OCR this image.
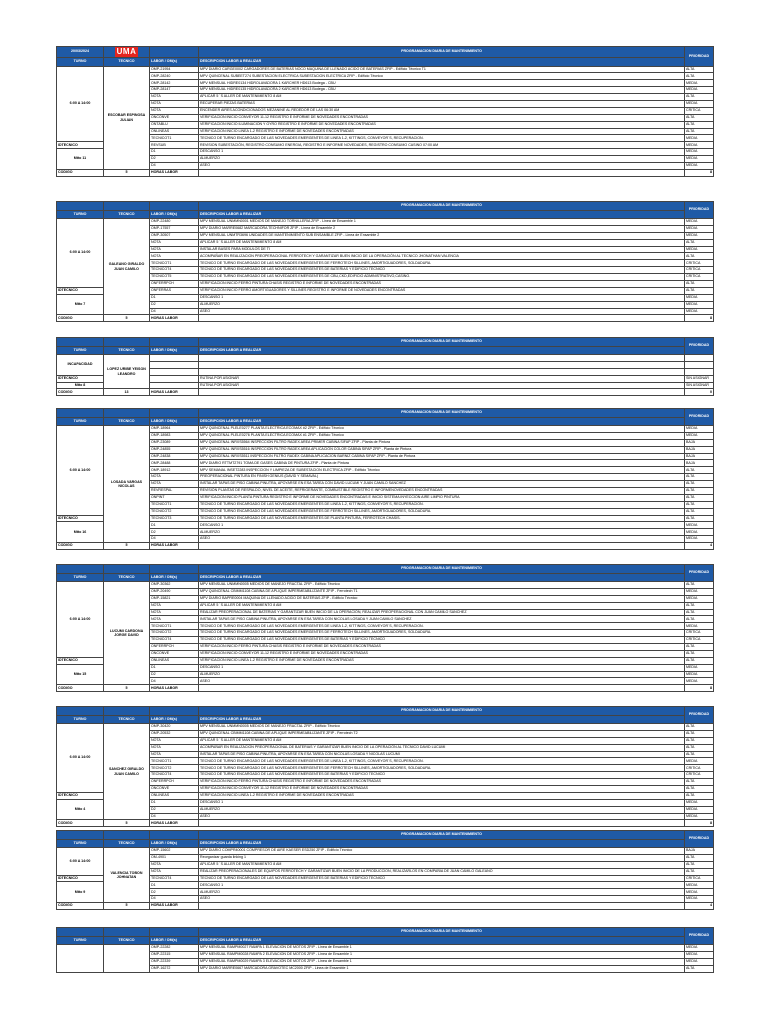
20/03/2024	UMA		PROGRAMACION DIARIA DE MANTENIMIENTO	PRIORIDAD
TURNO	TECNICO	LABOR / OM(s)	DESCRIPCION LABOR A REALIZAR	
6:00 A 14:00	ESCOBAR ESPINOSA JULIAN	OMP-21954	MPV DIARIO CARGE0002 CARGADORES DE BATERIAS NOCO MAQUINA DE LLENADO ACIDO DE BATERIAS ZFIP - Edificio Técnico T1	ALTA
		OMP-28240	MPV QUINCENAL SUBEET274 SUBESTACION ELECTRICA SUBESTACION ELECTRICA ZFIP - Edificio Técnico	ALTA
		OMP-28142	MPV MENSUAL HIDRE0134 HIDROLAVADORA 1 KARCHER HD613 Bodega - CBU	MEDIA
		OMP-28147	MPV MENSUAL HIDRE0135 HIDROLAVADORA 2 KARCHER HD613 Bodega - CBU	MEDIA
		NOTA	APLICAR 5 ´S ALLER DE MANTENIMIENTO 8 AM	ALTA
		NOTA	RECUPERAR PIEZAS BATERIAS	MEDIA
		NOTA	ENCENDER AIRES ACONDICIONADOS MEZANINE AL REDEDOR DE LAS 06:30 AM	CRITICA
		ONCONVE	VERIFICACION INICIO CONVEYOR 11-12 REGISTRO E INFORME DE NOVEDADES ENCONTRADAS	ALTA
		ONTABLU	VERIFICACION INICIO ILUMINACION Y GYRO REGISTRO E INFORME DE NOVEDADES ENCONTRADAS	ALTA
		ONLINEAS	VERIFICACION INICIO LINEA 1-2 REGISTRO E INFORME DE NOVEDADES ENCONTRADAS	ALTA
		TECNICOT1	TECNICO DE TURNO ENCARGADO DE LAS NOVEDADES EMERGENTES DE LINEA 1-2, KITTINGS, CONVEYOR´S, RECUPERACION.	MEDIA
IDTECNICO		REVSUB	REVISION SUBESTACIÓN, REGISTRO CONSUMO ENERGIA, REGISTRO E INFORME NOVEDADES, REGISTRO CONSUMO CASINO 07:00 AM	MEDIA
Mtto 11		D1	DESCANSO 1	MEDIA
		D2	ALMUERZO	MEDIA
		D4	ASEO	MEDIA
CODIGO	5	HORAS LABOR		8
			PROGRAMACION DIARIA DE MANTENIMIENTO	PRIORIDAD
TURNO	TECNICO	LABOR / OM(s)	DESCRIPCION LABOR A REALIZAR	
6:00 A 14:00	GALEANO GIRALDO JUAN CAMILO	OMP-22480	MPV MENSUAL UNMMN0001 MEDIOS DE MANEJO TORNILLERIA ZFIP - Linea de Ensamble 1	MEDIA
		OMP-17557	MPV DIARIO MARRE0682 MARCADORA TECHNIFOR ZFIP - Línea de Ensamble 2	MEDIA
		OMP-30507	MPV MENSUAL UNMTR3696 UNIDADES DE MANTENIMIENTO SUB ENSAMBLE ZFIP - Linea de Ensamble 2	MEDIA
		NOTA	APLICAR 5 ´S ALLER DE MANTENIMIENTO 8 AM	ALTA
		NOTA	INSTALAR BASES PARA MODULOS DE TI	MEDIA
		NOTA	ACOMPAÑAR EN REALIZACION PREOPERACIONAL FERROTECH Y GARANTIZAR BUEN INICIO DE LA OPERACIÓN AL TECNICO JHONATHAN VALENCIA	ALTA
		TECNICOT1	TECNICO DE TURNO ENCARGADO DE LAS NOVEDADES EMERGENTES DE FERROTECH SILLINES, AMORTIGUADORES, SOLDADURA.	CRITICA
		TECNICOT4	TECNICO DE TURNO ENCARGADO DE LAS NOVEDADES EMERGENTES DE BATERIAS Y EDIFICIO TECNICO	CRITICA
		TECNICOT5	TECNICO DE TURNO ENCARGADO DE LAS NOVEDADES EMERGENTES DE CBU,CKD,EDIFICIO ADMINISTRATIVO,CASINO.	CRITICA
		ONFERRPCH	VERIFICACION INICIO FERRO PINTURA CHASIS REGISTRO E INFORME DE NOVEDADES ENCONTRADAS	ALTA
IDTECNICO		ONFERRAS	VERIFICACION INICIO FERRO AMORTIGUADORES Y SILLINES REGISTRO E INFORME DE NOVEDADES ENCONTRADAS	ALTA
Mtto 7		D1	DESCANSO 1	MEDIA
		D2	ALMUERZO	MEDIA
		D4	ASEO	MEDIA
CODIGO	5	HORAS LABOR		8
			PROGRAMACION DIARIA DE MANTENIMIENTO	PRIORIDAD
TURNO	TECNICO	LABOR / OM(s)	DESCRIPCION LABOR A REALIZAR	
INCAPACIDAD	LOPEZ URIBE YEISON LEANDRO			

IDTECNICO			RUTINA POR ASIGNAR	SIN ASIGNAR
Mtto 8			RUTINA POR ASIGNAR	SIN ASIGNAR
CODIGO	13	HORAS LABOR		0
			PROGRAMACION DIARIA DE MANTENIMIENTO	PRIORIDAD
TURNO	TECNICO	LABOR / OM(s)	DESCRIPCION LABOR A REALIZAR	
6:00 A 14:00	LOSADA VARGAS NICOLAS	OMP-18964	MPV QUINCENAL PLELE0277 PLANTA ELECTRICA ECOMAX #2 ZFIP - Edificio Técnico	MEDIA
		OMP-18983	MPV QUINCENAL PLELE0276 PLANTA ELECTRICA ECOMAX #1 ZFIP - Edificio Técnico	MEDIA
		OMP-23089	MPV QUINCENAL INRXS5564 INSPECCION FILTRO RADEX AREA PRIMER CABINA SIFAP ZFIP - Planta de Pintura	BAJA
		OMP-24855	MPV QUINCENAL INRXS5516 INSPECCION FILTRO RADEX AREA APLICACIÓN COLOR CABINA SIFAP ZFIP - Planta de Pintura	BAJA
		OMP-24838	MPV QUINCENAL INRXS5511 INSPECCION FILTRO RADEX CABINA APLICACION BARNIZ CABINA SIFAP ZFIP - Planta de Pintura	BAJA
		OMP-28488	MPV DIARIO RTTMT2791 TOMA DE GASES CABINA DE PINTURA ZFIP - Planta de Pintura	BAJA
		OMP-18912	MPV SEMANAL INSET2283 INSPECCION Y LIMPIEZA DE SUBESTACION ELECTRICA ZFIP - Edificio Técnico	ALTA
		NOTA	PREOPERACIONAL PINTURA EN FINISH GENIUS (DAVID Y SEMAVAL)	ALTA
		NOTA	INSTALAR TAPAS DE PISO CABINA PINUTRA, APOYARSE EN ESA TAREA CON DAVID LUCUMI Y JUAN CAMILO SANCHEZ	ALTA
		REVRESPAL	REVISIÓN PLANTAS DE RESPALDO, NIVEL DE ACEITE, REFRIGERANTE, COMBUSTIBLE REGISTRO E INFORMENOVEDADES ENCONTRADAS	ALTA
		ONPINT	VERIFICACION INICIO PLANTA PINTURA REGISTRO E INFORME DE NOVEDADES ENCONTRADAS E INICIO SISTEMA INYECCION AIRE LIMPIO PINTURA	ALTA
		TECNICOT1	TECNICO DE TURNO ENCARGADO DE LAS NOVEDADES EMERGENTES DE LINEA 1-2, KITTINGS, CONVEYOR´S, RECUPERACION.	ALTA
		TECNICOT2	TECNICO DE TURNO ENCARGADO DE LAS NOVEDADES EMERGENTES DE FERROTECH SILLINES, AMORTIGUADORES, SOLDADURA.	ALTA
IDTECNICO		TECNICOT3	TECNICO DE TURNO ENCARGADO DE LAS NOVEDADES EMERGENTES DE PLANTA PINTURA, FERROTECH CHASIS.	ALTA
Mtto 16		D1	DESCANSO 1	MEDIA
		D2	ALMUERZO	MEDIA
		D4	ASEO	MEDIA
CODIGO	5	HORAS LABOR		4
			PROGRAMACION DIARIA DE MANTENIMIENTO	PRIORIDAD
TURNO	TECNICO	LABOR / OM(s)	DESCRIPCION LABOR A REALIZAR	
6:00 A 14:00	LUCUMI CARDONA JORGE DAVID	OMP-30362	MPV MENSUAL UNMMN0005 MEDIOS DE MANEJO FRACTAL ZFIP - Edificio Técnico	ALTA
		OMP-20490	MPV QUINCENAL CBIMM1108 CABINA DE APLIQUE IMPERMEABILIZANTE ZFIP - Ferrotech T1	MEDIA
		OMP-15821	MPV DIARIO BAPRE0004 MAQUINA DE LLENADO ACIDO DE BATERIAS ZFIP - Edificio Técnico	MEDIA
		NOTA	APLICAR 5 ´S ALLER DE MANTENIMIENTO 8 AM	ALTA
		NOTA	REALIZAR PREOPERACIONAL DE BATERIAS Y GARANTIZAR BUEN INICIO DE LA OPERACIÓN, REALIZAR PREOPERACIONAL CON JUAN CAMILO SANCHEZ	ALTA
		NOTA	INSTALAR TAPAS DE PISO CABINA PINUTRA, APOYARSE EN ESA TAREA CON NICOLAS LOSADA Y JUAN CAMILO SANCHEZ	ALTA
		TECNICOT1	TECNICO DE TURNO ENCARGADO DE LAS NOVEDADES EMERGENTES DE LINEA 1-2, KITTINGS, CONVEYOR´S, RECUPERACION.	MEDIA
		TECNICOT2	TECNICO DE TURNO ENCARGADO DE LAS NOVEDADES EMERGENTES DE FERROTECH SILLINES, AMORTIGUADORES, SOLDADURA.	CRITICA
		TECNICOT4	TECNICO DE TURNO ENCARGADO DE LAS NOVEDADES EMERGENTES DE BATERIAS Y EDIFICIO TECNICO	CRITICA
		ONFERRPCH	VERIFICACION INICIO FERRO PINTURA CHASIS REGISTRO E INFORME DE NOVEDADES ENCONTRADAS	ALTA
		ONCONVE	VERIFICACION INICIO CONVEYOR 11-12 REGISTRO E INFORME DE NOVEDADES ENCONTRADAS	ALTA
IDTECNICO		ONLINEAS	VERIFICACION INICIO LINEA 1-2 REGISTRO E INFORME DE NOVEDADES ENCONTRADAS	ALTA
Mtto 15		D1	DESCANSO 1	MEDIA
		D2	ALMUERZO	MEDIA
		D4	ASEO	MEDIA
CODIGO	5	HORAS LABOR		8
			PROGRAMACION DIARIA DE MANTENIMIENTO	PRIORIDAD
TURNO	TECNICO	LABOR / OM(s)	DESCRIPCION LABOR A REALIZAR	
6:00 A 14:00	SANCHEZ GIRALDO JUAN CAMILO	OMP-30420	MPV MENSUAL UNMMN0005 MEDIOS DE MANEJO FRACTAL ZFIP - Edificio Técnico	ALTA
		OMP-20532	MPV QUINCENAL CBIMM1108 CABINA DE APLIQUE IMPERMEABILIZANTE ZFIP - Ferrotech T2	ALTA
		NOTA	APLICAR 5 ´S ALLER DE MANTENIMIENTO 8 AM	ALTA
		NOTA	ACOMPAÑAR EN REALIZACION PREOPERACIONAL DE BATERIAS Y GARANTIZAR BUEN INICIO DE LA OPERACIÓN AL TECNICO DAVID LUCUMI	ALTA
		NOTA	INSTALAR TAPAS DE PISO CABINA PINUTRA, APOYARSE EN ESA TAREA CON NICOLAS LOSADA Y NICOLAS LUCUMI	ALTA
		TECNICOT1	TECNICO DE TURNO ENCARGADO DE LAS NOVEDADES EMERGENTES DE LINEA 1-2, KITTINGS, CONVEYOR´S, RECUPERACION.	MEDIA
		TECNICOT2	TECNICO DE TURNO ENCARGADO DE LAS NOVEDADES EMERGENTES DE FERROTECH SILLINES, AMORTIGUADORES, SOLDADURA.	CRITICA
		TECNICOT4	TECNICO DE TURNO ENCARGADO DE LAS NOVEDADES EMERGENTES DE BATERIAS Y EDIFICIO TECNICO	CRITICA
		ONFERRPCH	VERIFICACION INICIO FERRO PINTURA CHASIS REGISTRO E INFORME DE NOVEDADES ENCONTRADAS	ALTA
		ONCONVE	VERIFICACION INICIO CONVEYOR 11-12 REGISTRO E INFORME DE NOVEDADES ENCONTRADAS	ALTA
IDTECNICO		ONLINEAS	VERIFICACION INICIO LINEA 1-2 REGISTRO E INFORME DE NOVEDADES ENCONTRADAS	ALTA
Mtto 4		D1	DESCANSO 1	MEDIA
		D2	ALMUERZO	MEDIA
		D4	ASEO	MEDIA
CODIGO	5	HORAS LABOR		8
			PROGRAMACION DIARIA DE MANTENIMIENTO	PRIORIDAD
TURNO	TECNICO	LABOR / OM(s)	DESCRIPCION LABOR A REALIZAR	
6:00 A 14:00	VALENCIA TOBON JOHNATAN	OMP-15602	MPV DIARIO COMPR40001 COMPRESOR DE AIRE KAESER ESD250 ZFIP - Edificio Técnico	BAJA
		OM-4901	Reorganizar guarda linking 1	ALTA
		NOTA	APLICAR 5 ´S ALLER DE MANTENIMIENTO 8 AM	ALTA
		NOTA	REALIZAR PREOPERACIONALES DE EQUIPOS FERROTECH Y GARANTIZAR BUEN INICIO DE LA PRODUCCION, REALIZARLOS EN COMPAÑIA DE JUAN CAMILO GALEANO	ALTA
IDTECNICO		TECNICOT4	TECNICO DE TURNO ENCARGADO DE LAS NOVEDADES EMERGENTES DE BATERIAS Y EDIFICIO TECNICO	CRITICA
Mtto 9		D1	DESCANSO 1	MEDIA
		D2	ALMUERZO	MEDIA
		D4	ASEO	MEDIA
CODIGO	5	HORAS LABOR		4
			PROGRAMACION DIARIA DE MANTENIMIENTO	PRIORIDAD
TURNO	TECNICO	LABOR / OM(s)	DESCRIPCION LABOR A REALIZAR	
		OMP-22282	MPV MENSUAL RAMPM0027 RAMPA 1 ELEVACION DE MOTOS ZFIP - Linea de Ensamble 1	MEDIA
		OMP-22315	MPV MENSUAL RAMPM0028 RAMPA 2 ELEVACION DE MOTOS ZFIP - Línea de Ensamble 1	MEDIA
		OMP-22339	MPV MENSUAL RAMPM0029 RAMPA 3 ELEVACION DE MOTOS ZFIP - Linea de Ensamble 1	MEDIA
		OMP-16272	MPV DIARIO MARRE0667 MARCADORA GRAVOTEC MC2000 ZFIP - Linea de Ensamble 1	ALTA
